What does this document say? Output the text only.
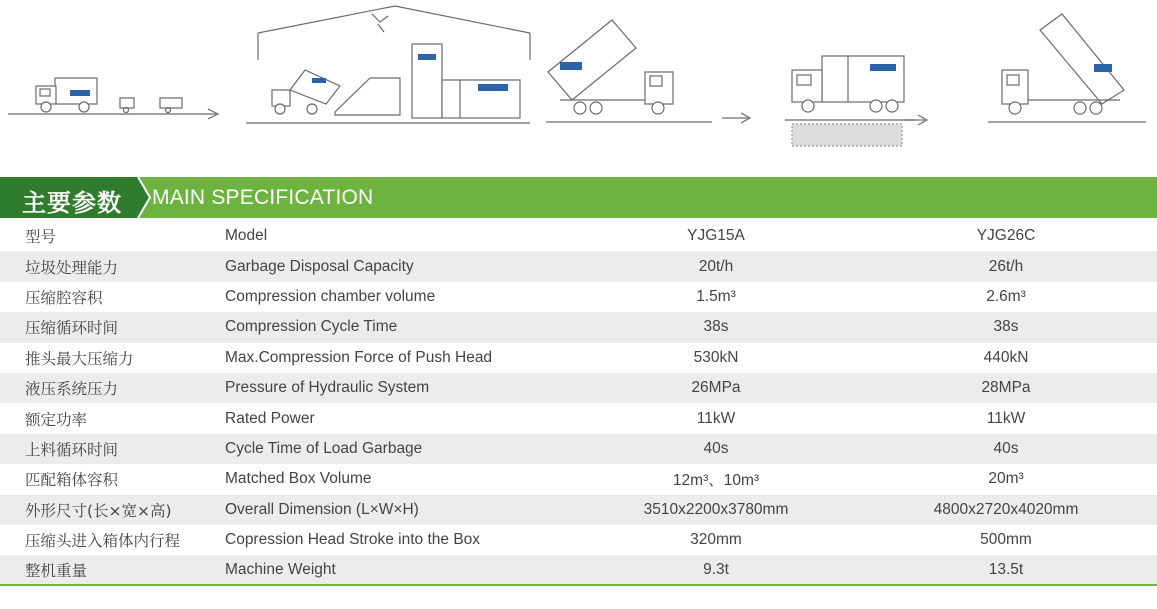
主要参数 MAIN SPECIFICATION
型号	Model	YJG15A	YJG26C
垃圾处理能力	Garbage Disposal Capacity	20t/h	26t/h
压缩腔容积	Compression chamber volume	1.5m³	2.6m³
压缩循环时间	Compression Cycle Time	38s	38s
推头最大压缩力	Max.Compression Force of Push Head	530kN	440kN
液压系统压力	Pressure of Hydraulic System	26MPa	28MPa
额定功率	Rated Power	11kW	11kW
上料循环时间	Cycle Time of Load Garbage	40s	40s
匹配箱体容积	Matched Box Volume	12m³、10m³	20m³
外形尺寸(长×宽×高)	Overall Dimension (L×W×H)	3510x2200x3780mm	4800x2720x4020mm
压缩头进入箱体内行程	Copression Head Stroke into the Box	320mm	500mm
整机重量	Machine Weight	9.3t	13.5t
